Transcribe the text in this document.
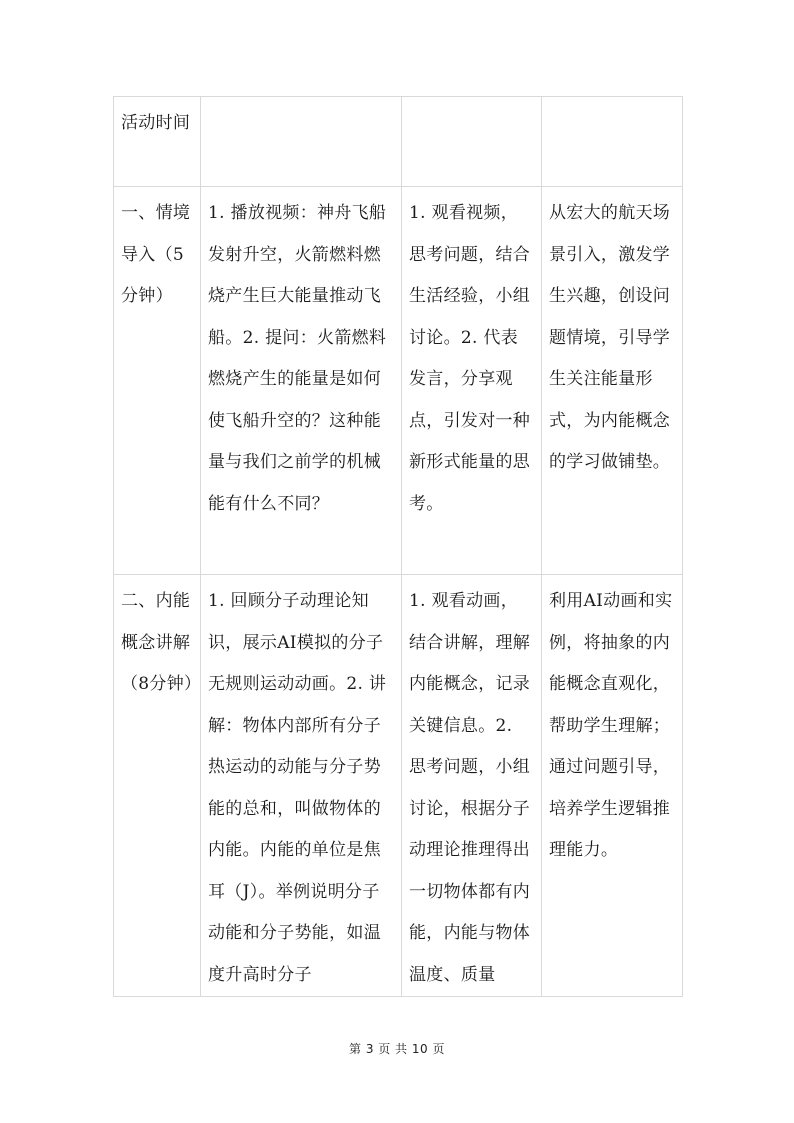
活动时间			
一、情境导入（5分钟）	1. 播放视频：神舟飞船发射升空，火箭燃料燃烧产生巨大能量推动飞船。2. 提问：火箭燃料燃烧产生的能量是如何使飞船升空的？这种能量与我们之前学的机械能有什么不同？	1. 观看视频，思考问题，结合生活经验，小组讨论。2. 代表发言，分享观点，引发对一种新形式能量的思考。	从宏大的航天场景引入，激发学生兴趣，创设问题情境，引导学生关注能量形式，为内能概念的学习做铺垫。
二、内能概念讲解（8分钟）	1. 回顾分子动理论知识，展示AI模拟的分子无规则运动动画。2. 讲解：物体内部所有分子热运动的动能与分子势能的总和，叫做物体的内能。内能的单位是焦耳（J）。举例说明分子动能和分子势能，如温度升高时分子	1. 观看动画，结合讲解，理解内能概念，记录关键信息。2. 思考问题，小组讨论，根据分子动理论推理得出一切物体都有内能，内能与物体温度、质量	利用AI动画和实例，将抽象的内能概念直观化，帮助学生理解；通过问题引导，培养学生逻辑推理能力。
第 3 页 共 10 页
